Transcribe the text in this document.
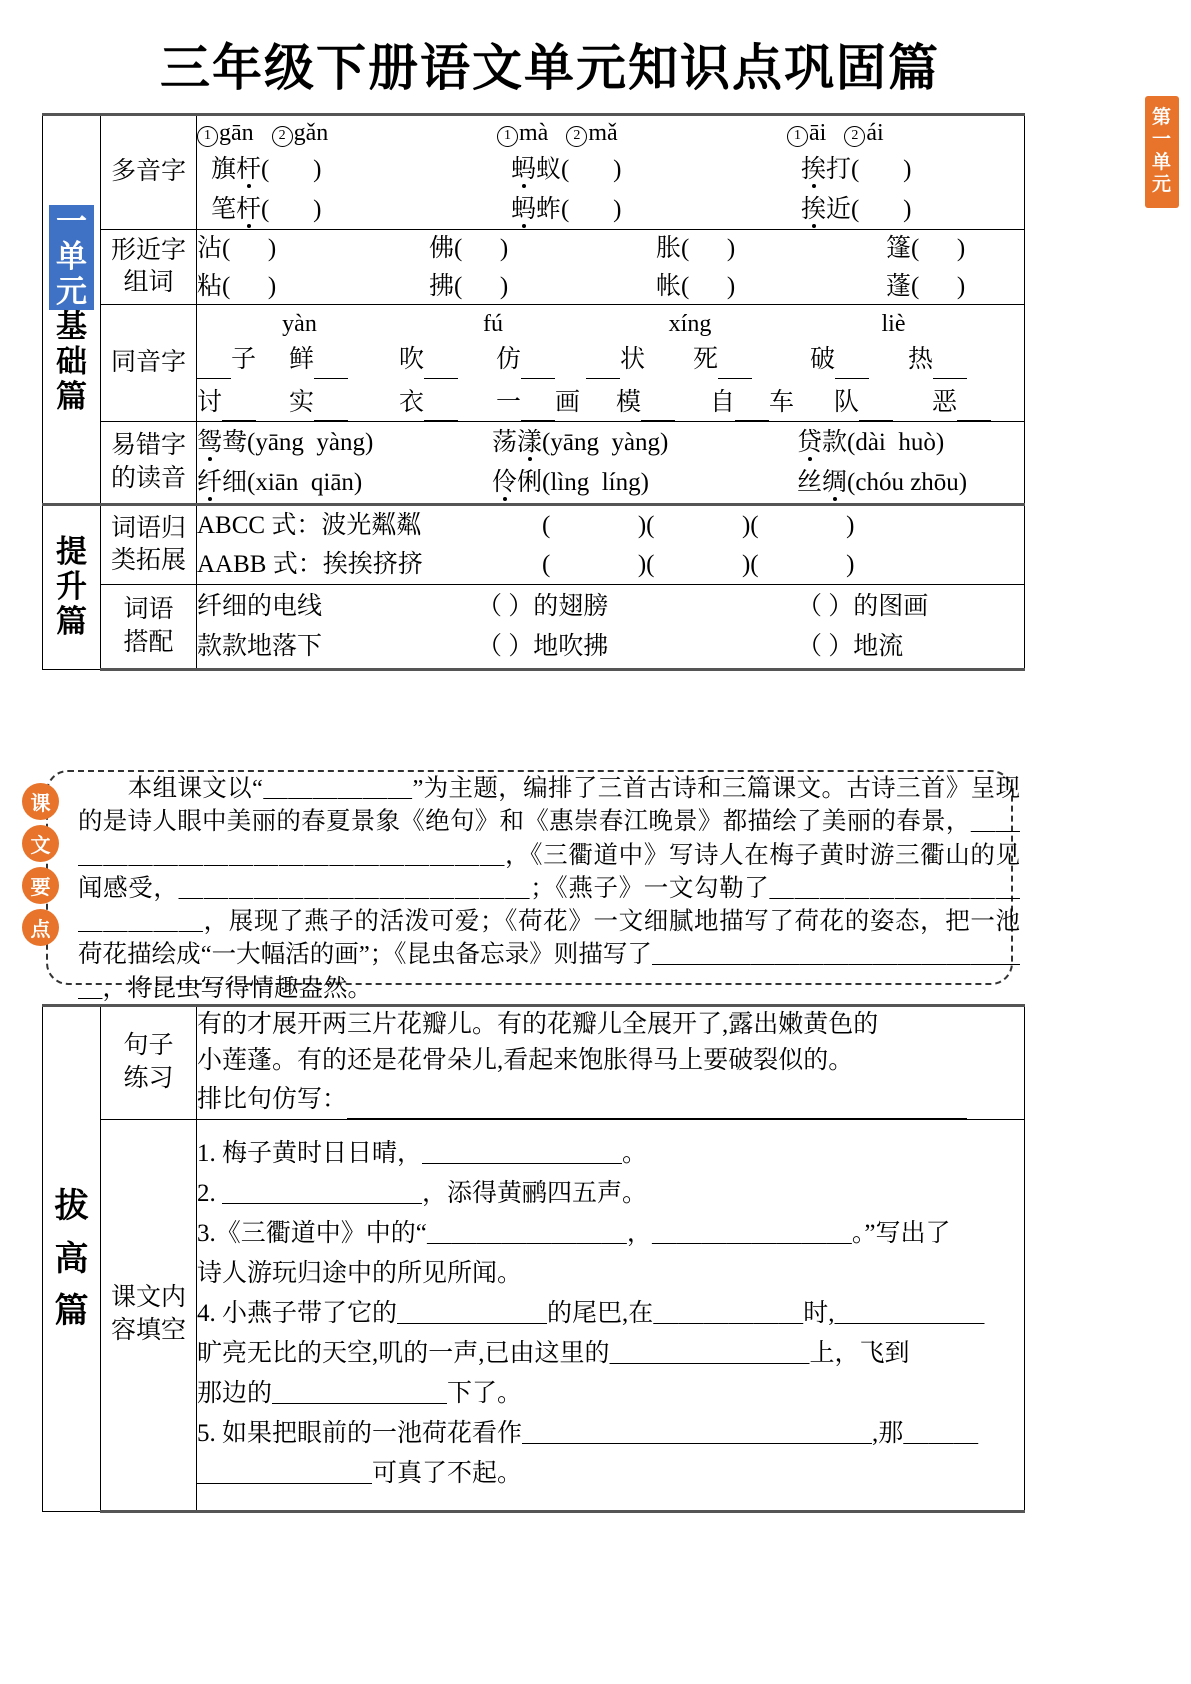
三年级下册语文单元知识点巩固篇
第
一
单
元
一
单
元
基
础
篇
	多音字	
1 gān 2 gǎn	1 mà 2 mǎ	1 āi 2 ái
旗杆(       )	蚂蚁(       )	挨打(       )
笔杆(       )	蚂蚱(       )	挨近(       )

形近字
组词

沾(      )	佛(      )	胀(      )	篷(      )
粘(      )	拂(      )	帐(      )	蓬(      )

同音字	
yàn	fú	xíng	liè
子	鲜	吹	仿	状	死	破	热
讨	实	衣	一 画	模	自 车	队	恶

易错字
的读音

鸳鸯(yāng  yàng)	荡漾(yāng  yàng)	贷款(dài  huò)
纤细(xiān  qiān)	伶俐(lìng  líng)	丝绸(chóu zhōu)

提
升
篇

词语归
类拓展

ABCC 式：波光粼粼	(              )(              )(              )
AABB 式：挨挨挤挤	(              )(              )(              )

词语
搭配

纤细的电线	（ ）的翅膀	（ ）的图画
款款地落下	（ ）地吹拂	（ ）地流
课
文
要
点

　　本组课文以“＿＿＿＿＿＿”为主题，编排了三首古诗和三篇课文。古诗三首》呈现的是诗人眼中美丽的春夏景象《绝句》和《惠崇春江晚景》都描绘了美丽的春景，＿＿＿＿＿＿＿＿＿＿＿＿＿＿＿＿＿＿＿，《三衢道中》写诗人在梅子黄时游三衢山的见闻感受，＿＿＿＿＿＿＿＿＿＿＿＿＿＿；《燕子》一文勾勒了＿＿＿＿＿＿＿＿＿＿＿＿＿＿＿，展现了燕子的活泼可爱；《荷花》一文细腻地描写了荷花的姿态，把一池荷花描绘成“一大幅活的画”；《昆虫备忘录》则描写了＿＿＿＿＿＿＿＿＿＿＿＿＿＿＿＿，将昆虫写得情趣盎然。

拔
高
篇

句子
练习

有的才展开两三片花瓣儿。有的花瓣儿全展开了,露出嫩黄色的
小莲蓬。有的还是花骨朵儿,看起来饱胀得马上要破裂似的。
排比句仿写：

课文内
容填空

1. 梅子黄时日日晴，＿＿＿＿＿＿＿＿。
2. ＿＿＿＿＿＿＿＿，添得黄鹂四五声。
3.《三衢道中》中的“＿＿＿＿＿＿＿＿，＿＿＿＿＿＿＿＿。”写出了
诗人游玩归途中的所见所闻。
4. 小燕子带了它的＿＿＿＿＿＿的尾巴,在＿＿＿＿＿＿时,＿＿＿＿＿＿
旷亮无比的天空,叽的一声,已由这里的＿＿＿＿＿＿＿＿上，飞到
那边的＿＿＿＿＿＿＿下了。
5. 如果把眼前的一池荷花看作＿＿＿＿＿＿＿＿＿＿＿＿＿＿,那＿＿＿
＿＿＿＿＿＿＿可真了不起。
